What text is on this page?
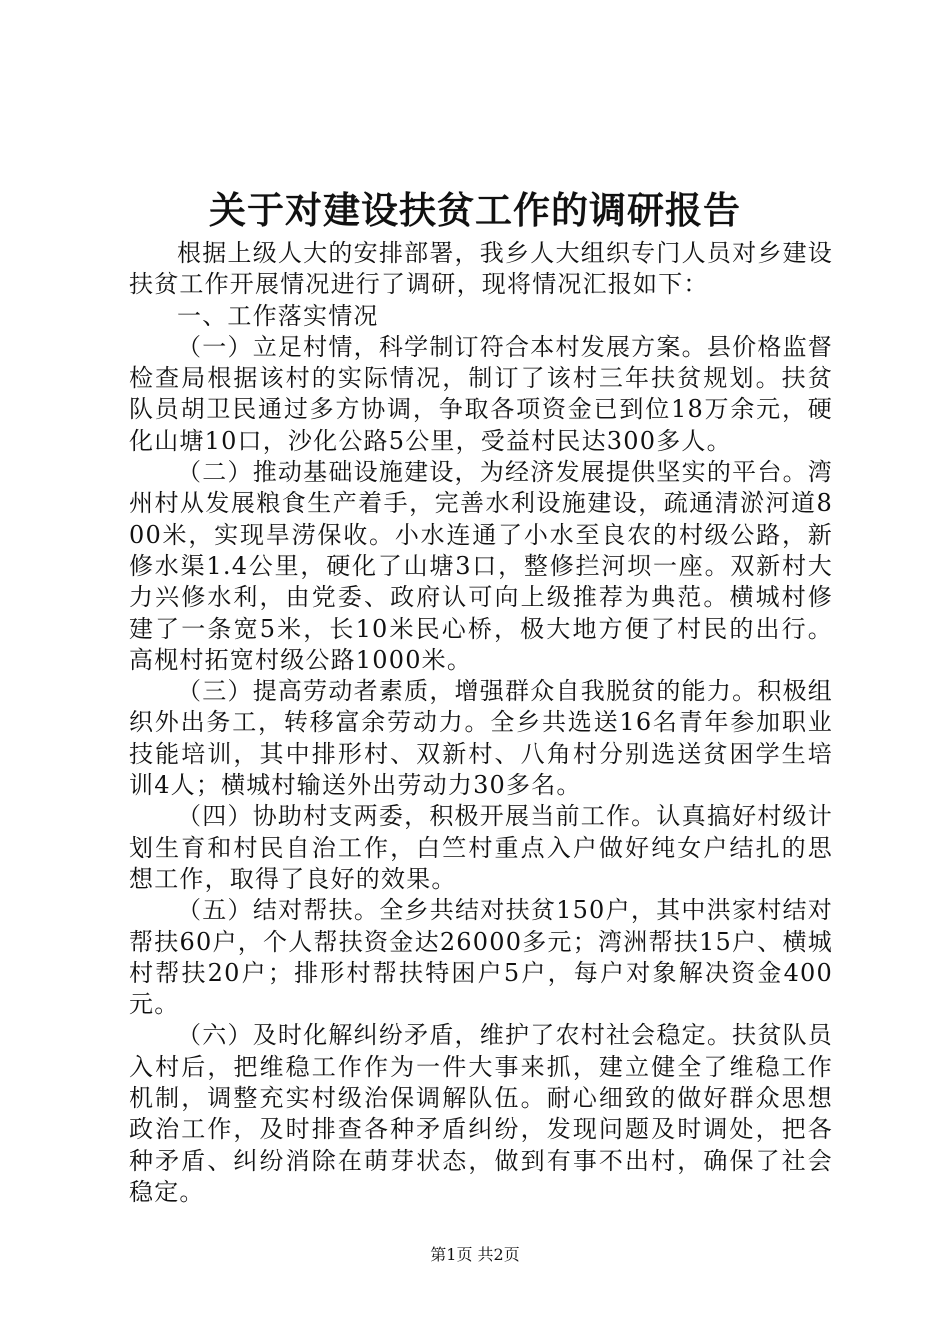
关于对建设扶贫工作的调研报告

根据上级人大的安排部署，我乡人大组织专门人员对乡建设扶贫工作开展情况进行了调研，现将情况汇报如下：

一、工作落实情况

（一）立足村情，科学制订符合本村发展方案。县价格监督检查局根据该村的实际情况，制订了该村三年扶贫规划。扶贫队员胡卫民通过多方协调，争取各项资金已到位18万余元，硬化山塘10口，沙化公路5公里，受益村民达300多人。

（二）推动基础设施建设，为经济发展提供坚实的平台。湾州村从发展粮食生产着手，完善水利设施建设，疏通清淤河道800米，实现旱涝保收。小水连通了小水至良农的村级公路，新修水渠1.4公里，硬化了山塘3口，整修拦河坝一座。双新村大力兴修水利，由党委、政府认可向上级推荐为典范。横城村修建了一条宽5米，长10米民心桥，极大地方便了村民的出行。高枧村拓宽村级公路1000米。

（三）提高劳动者素质，增强群众自我脱贫的能力。积极组织外出务工，转移富余劳动力。全乡共选送16名青年参加职业技能培训，其中排形村、双新村、八角村分别选送贫困学生培训4人；横城村输送外出劳动力30多名。

（四）协助村支两委，积极开展当前工作。认真搞好村级计划生育和村民自治工作，白竺村重点入户做好纯女户结扎的思想工作，取得了良好的效果。

（五）结对帮扶。全乡共结对扶贫150户，其中洪家村结对帮扶60户，个人帮扶资金达26000多元；湾洲帮扶15户、横城村帮扶20户；排形村帮扶特困户5户，每户对象解决资金400元。

（六）及时化解纠纷矛盾，维护了农村社会稳定。扶贫队员入村后，把维稳工作作为一件大事来抓，建立健全了维稳工作机制，调整充实村级治保调解队伍。耐心细致的做好群众思想政治工作，及时排查各种矛盾纠纷，发现问题及时调处，把各种矛盾、纠纷消除在萌芽状态，做到有事不出村，确保了社会稳定。

第1页 共2页
